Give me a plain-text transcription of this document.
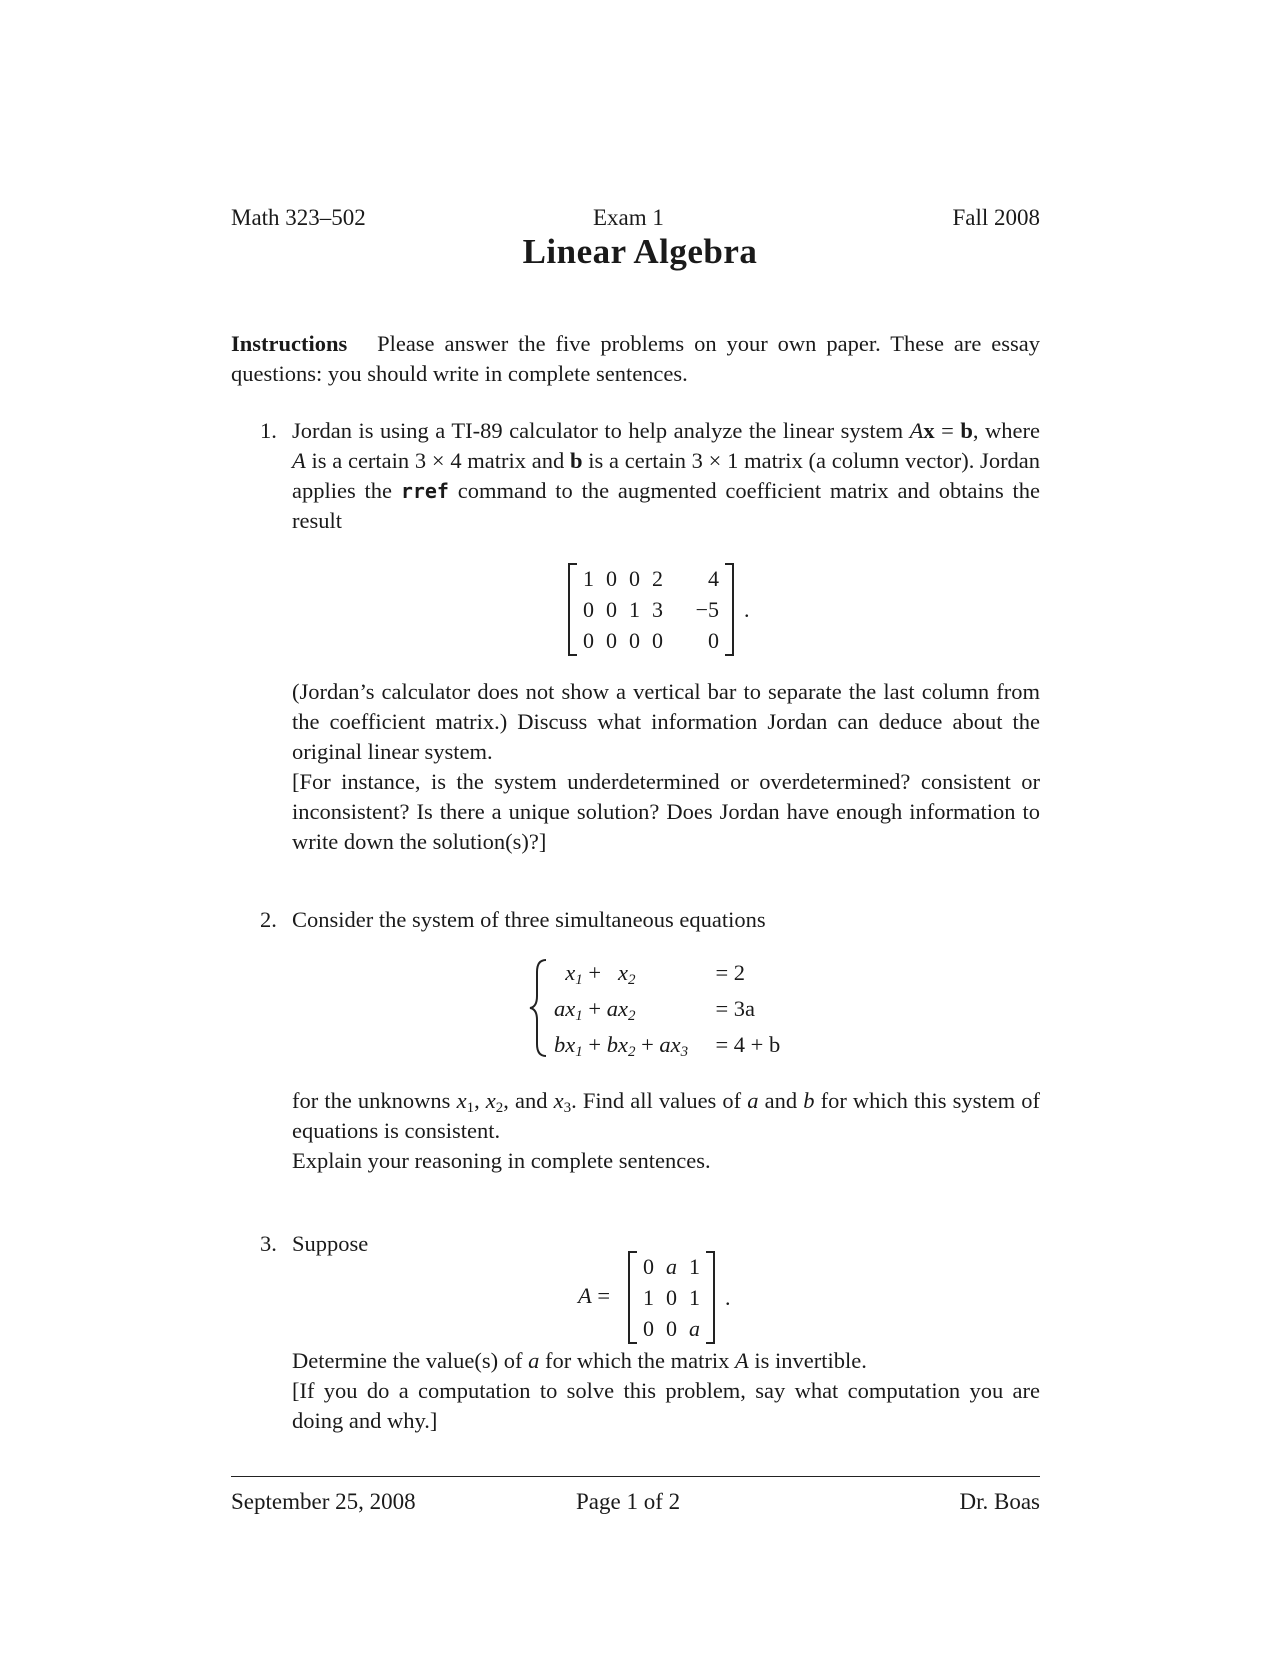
Math 323–502	Exam 1	Fall 2008
Linear Algebra
Instructions Please answer the five problems on your own paper. These are essay questions: you should write in complete sentences.
1. Jordan is using a TI-89 calculator to help analyze the linear system Ax = b, where A is a certain 3 × 4 matrix and b is a certain 3 × 1 matrix (a column vector). Jordan applies the rref command to the augmented coefficient matrix and obtains the result
1	0	0	2	4
0	0	1	3	−5
0	0	0	0	0
.
(Jordan’s calculator does not show a vertical bar to separate the last column from the coefficient matrix.) Discuss what information Jordan can deduce about the original linear system.
[For instance, is the system underdetermined or overdetermined? consistent or inconsistent? Is there a unique solution? Does Jordan have enough information to write down the solution(s)?]
2. Consider the system of three simultaneous equations
$x_1 + x_2$		= 2
$ax_1 + ax_2$		= 3a
$bx_1 + bx_2 + ax_3$		= 4 + b
for the unknowns $x_1$, $x_2$, and $x_3$. Find all values of a and b for which this system of equations is consistent.
Explain your reasoning in complete sentences.
3. Suppose
A =
0	a	1
1	0	1
0	0	a
.
Determine the value(s) of a for which the matrix A is invertible.
[If you do a computation to solve this problem, say what computation you are doing and why.]
September 25, 2008	Page 1 of 2	Dr. Boas
